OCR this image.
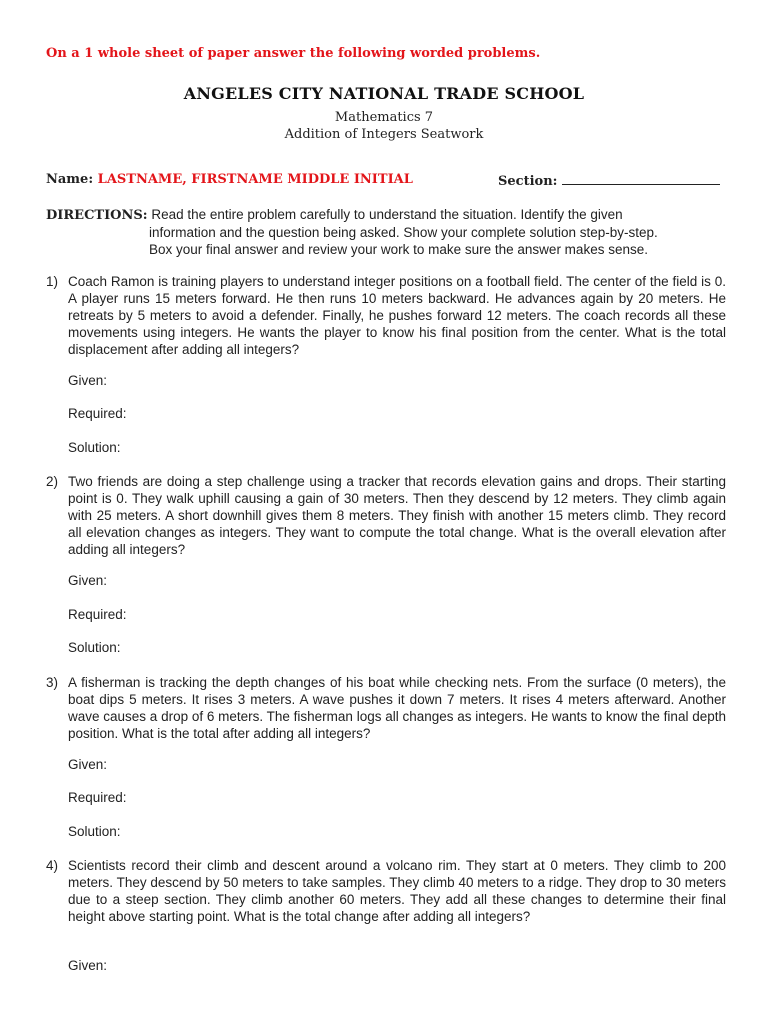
On a 1 whole sheet of paper answer the following worded problems.
ANGELES CITY NATIONAL TRADE SCHOOL
Mathematics 7
Addition of Integers Seatwork
Name: LASTNAME, FIRSTNAME MIDDLE INITIAL	Section:
DIRECTIONS: Read the entire problem carefully to understand the situation. Identify the given
information and the question being asked. Show your complete solution step-by-step.
Box your final answer and review your work to make sure the answer makes sense.
1) Coach Ramon is training players to understand integer positions on a football field. The center of the field is 0. A player runs 15 meters forward. He then runs 10 meters backward. He advances again by 20 meters. He retreats by 5 meters to avoid a defender. Finally, he pushes forward 12 meters. The coach records all these movements using integers. He wants the player to know his final position from the center. What is the total displacement after adding all integers?
Given:
Required:
Solution:
2) Two friends are doing a step challenge using a tracker that records elevation gains and drops. Their starting point is 0. They walk uphill causing a gain of 30 meters. Then they descend by 12 meters. They climb again with 25 meters. A short downhill gives them 8 meters. They finish with another 15 meters climb. They record all elevation changes as integers. They want to compute the total change. What is the overall elevation after adding all integers?
Given:
Required:
Solution:
3) A fisherman is tracking the depth changes of his boat while checking nets. From the surface (0 meters), the boat dips 5 meters. It rises 3 meters. A wave pushes it down 7 meters. It rises 4 meters afterward. Another wave causes a drop of 6 meters. The fisherman logs all changes as integers. He wants to know the final depth position. What is the total after adding all integers?
Given:
Required:
Solution:
4) Scientists record their climb and descent around a volcano rim. They start at 0 meters. They climb to 200 meters. They descend by 50 meters to take samples. They climb 40 meters to a ridge. They drop to 30 meters due to a steep section. They climb another 60 meters. They add all these changes to determine their final height above starting point. What is the total change after adding all integers?
Given:
